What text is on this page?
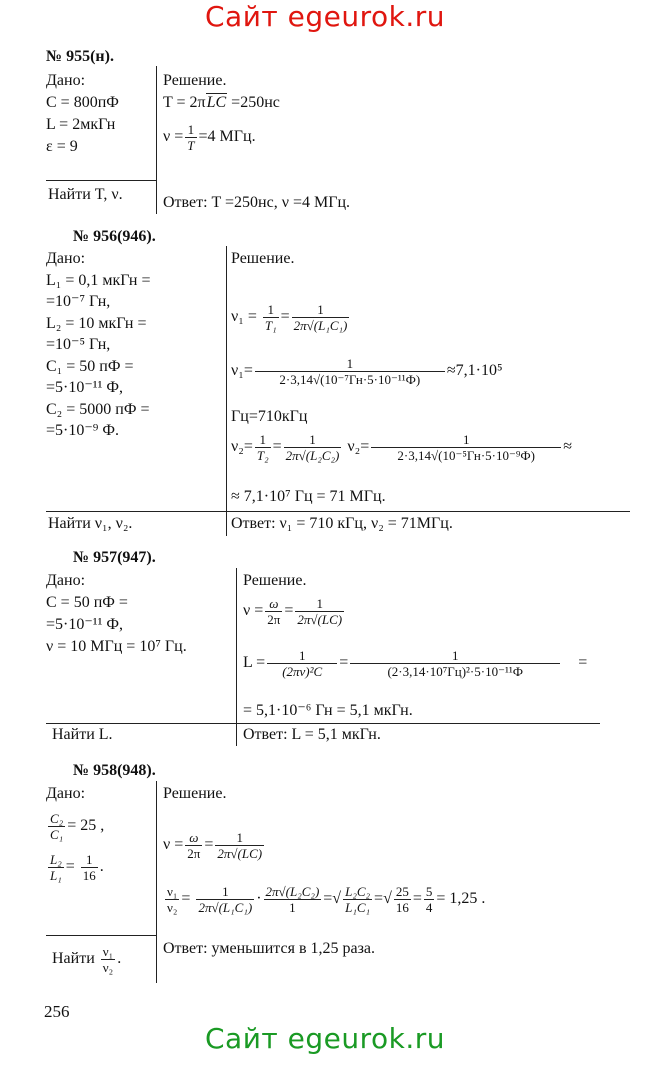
Сайт egeurok.ru
№ 955(н).
Дано:
C = 800пФ
L = 2мкГн
ε = 9
Найти T, ν.
Решение.
T = 2πLC =250нс
$\nu = \frac{1}{T} =4$ МГц.
Ответ: T =250нс, ν =4 МГц.
№ 956(946).
Дано:
L₁ = 0,1 мкГн =
=10⁻⁷ Гн,
L₂ = 10 мкГн =
=10⁻⁵ Гн,
C₁ = 50 пФ =
=5·10⁻¹¹ Ф,
C₂ = 5000 пФ =
=5·10⁻⁹ Ф.
Найти ν₁, ν₂.
Решение.
$\nu_1 = \frac{1}{\text{T₁}} = \frac{1}{\text{2π√(L₁C₁)}}$
ν₁=	1
2·3,14√(10⁻⁷Гн·5·10⁻¹¹Ф)
≈7,1·10⁵
Гц=710кГц
$\nu_2= \frac{1}{\text{T₂}} = \frac{1}{\text{2π√(L₂C₂)}} \nu_2=$	1
2·3,14√(10⁻⁵Гн·5·10⁻⁹Ф)
≈
≈ 7,1·10⁷ Гц = 71 МГц.
Ответ: ν₁ = 710 кГц, ν₂ = 71МГц.
№ 957(947).
Дано:
C = 50 пФ =
=5·10⁻¹¹ Ф,
ν = 10 МГц = 10⁷ Гц.
Найти L.
Решение.
$\nu = \frac{\omega}{2\pi} = \frac{1}{2\pi√(LC)}$
$L = \frac{1}{\text{(2πν)²C}}$ =	1
(2·3,14·10⁷Гц)²·5·10⁻¹¹Ф
=
= 5,1·10⁻⁶ Гн = 5,1 мкГн.
Ответ: L = 5,1 мкГн.
№ 958(948).
Дано:
$\frac{\text{C₂}}{\text{C₁}} = 25$ ,
$\frac{\text{L₂}}{\text{L₁}} = \frac{1}{16}$ .
Найти $\frac{\text{ν₁}}{\text{ν₂}}$ .
Решение.
$\nu = \frac{\omega}{2\pi} = \frac{1}{2\pi√(LC)}$
$\frac{\text{ν₁}}{\text{ν₂}} = \frac{1}{\text{2π√(L₁C₁)}} \cdot \frac{\text{2π√(L₂C₂)}}{1}$ =√ $\frac{\text{L₂C₂}}{\text{L₁C₁}}$ =√ $\frac{25}{16} = \frac{5}{4} = 1,25$ .
Ответ: уменьшится в 1,25 раза.
256
Сайт egeurok.ru
